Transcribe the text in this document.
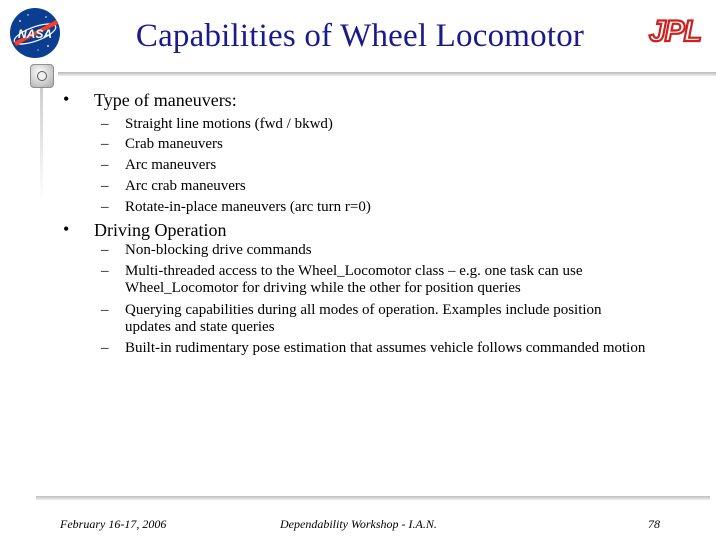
NASA	JPL
Capabilities of Wheel Locomotor
• Type of maneuvers:
– Straight line motions (fwd / bkwd)
– Crab maneuvers
– Arc maneuvers
– Arc crab maneuvers
– Rotate-in-place maneuvers (arc turn r=0)
• Driving Operation
– Non-blocking drive commands
– Multi-threaded access to the Wheel_Locomotor class – e.g. one task can use Wheel_Locomotor for driving while the other for position queries
– Querying capabilities during all modes of operation. Examples include position updates and state queries
– Built-in rudimentary pose estimation that assumes vehicle follows commanded motion
February 16-17, 2006	Dependability Workshop - I.A.N.	78
